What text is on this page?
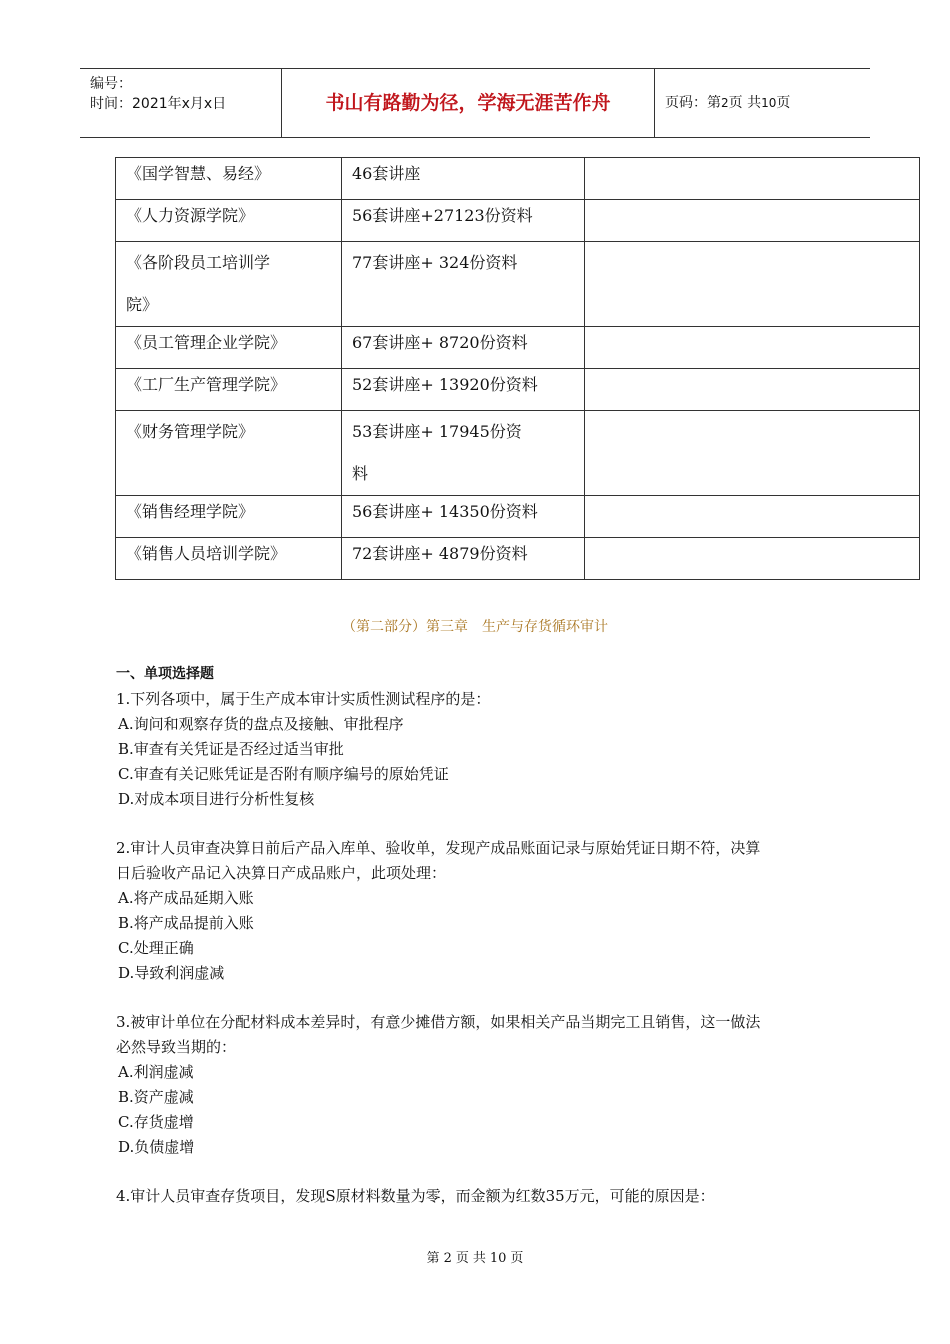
编号：
时间：2021年x月x日	书山有路勤为径，学海无涯苦作舟	页码：第2页 共10页
《国学智慧、易经》	46套讲座	
《人力资源学院》	56套讲座+27123份资料	

《各阶段员工培训学
院》	77套讲座+ 324份资料	
《员工管理企业学院》	67套讲座+ 8720份资料	
《工厂生产管理学院》	52套讲座+ 13920份资料	
《财务管理学院》	53套讲座+ 17945份资
料	

《销售经理学院》	56套讲座+ 14350份资料	
《销售人员培训学院》	72套讲座+ 4879份资料	
（第二部分）第三章　生产与存货循环审计
一、单项选择题
1.下列各项中，属于生产成本审计实质性测试程序的是：
A.询问和观察存货的盘点及接触、审批程序
B.审查有关凭证是否经过适当审批
C.审查有关记账凭证是否附有顺序编号的原始凭证
D.对成本项目进行分析性复核
2.审计人员审查决算日前后产品入库单、验收单，发现产成品账面记录与原始凭证日期不符，决算
日后验收产品记入决算日产成品账户，此项处理：
A.将产成品延期入账
B.将产成品提前入账
C.处理正确
D.导致利润虚减
3.被审计单位在分配材料成本差异时，有意少摊借方额，如果相关产品当期完工且销售，这一做法
必然导致当期的：
A.利润虚减
B.资产虚减
C.存货虚增
D.负债虚增
4.审计人员审查存货项目，发现S原材料数量为零，而金额为红数35万元，可能的原因是：
第 2 页 共 10 页
